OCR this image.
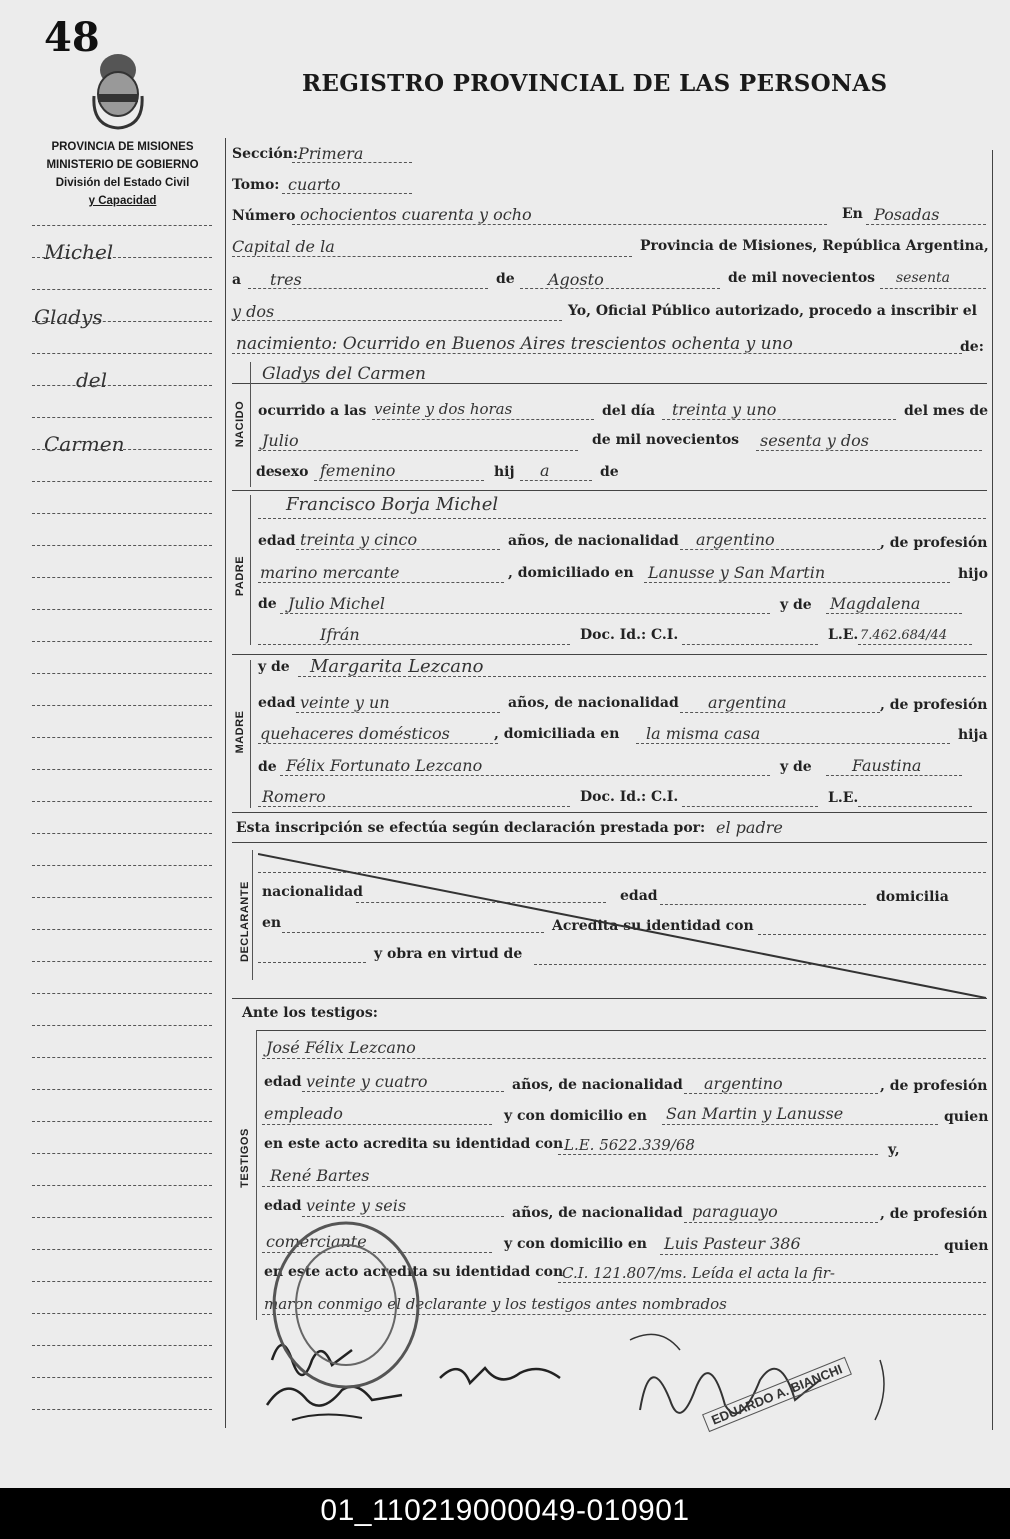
48
REGISTRO PROVINCIAL DE LAS PERSONAS
PROVINCIA DE MISIONES
MINISTERIO DE GOBIERNO
División del Estado Civil
y Capacidad
Michel
Gladys
del
Carmen
Sección: Primera
Tomo: cuarto
Número ochocientos cuarenta y ocho	En Posadas
Capital de la	Provincia de Misiones, República Argentina,
a tres	de Agosto	de mil novecientos sesenta
y dos	Yo, Oficial Público autorizado, procedo a inscribir el
nacimiento: Ocurrido en Buenos Aires trescientos ochenta y uno	de:
NACIDO
Gladys del Carmen
ocurrido a las veinte y dos horas	del día treinta y uno	del mes de
Julio	de mil novecientos sesenta y dos
de sexo femenino	hij a	de
PADRE
Francisco Borja Michel
edad treinta y cinco	años, de nacionalidad argentino	, de profesión
marino mercante	, domiciliado en Lanusse y San Martin	hijo
de Julio Michel	y de Magdalena
Ifrán	Doc. Id.: C.I.	L.E. 7.462.684/44
MADRE
y de Margarita Lezcano
edad veinte y un	años, de nacionalidad argentina	, de profesión
quehaceres domésticos	, domiciliada en la misma casa	hija
de Félix Fortunato Lezcano	y de	Faustina
Romero	Doc. Id.: C.I.	L.E.
Esta inscripción se efectúa según declaración prestada por: el padre
DECLARANTE nacionalidad	edad	domicilia
en	Acredita su identidad con
y obra en virtud de
Ante los testigos:
TESTIGOS
José Félix Lezcano
edad veinte y cuatro	años, de nacionalidad argentino	, de profesión
empleado	y con domicilio en San Martin y Lanusse	quien
en este acto acredita su identidad con L.E. 5622.339/68	y,
René Bartes
edad veinte y seis	años, de nacionalidad paraguayo	, de profesión
comerciante	y con domicilio en Luis Pasteur 386	quien
en este acto acredita su identidad con
C.I. 121.807/ms. Leída el acta la fir-
maron conmigo el declarante y los testigos antes nombrados
EDUARDO A. BIANCHI
01_110219000049-010901
